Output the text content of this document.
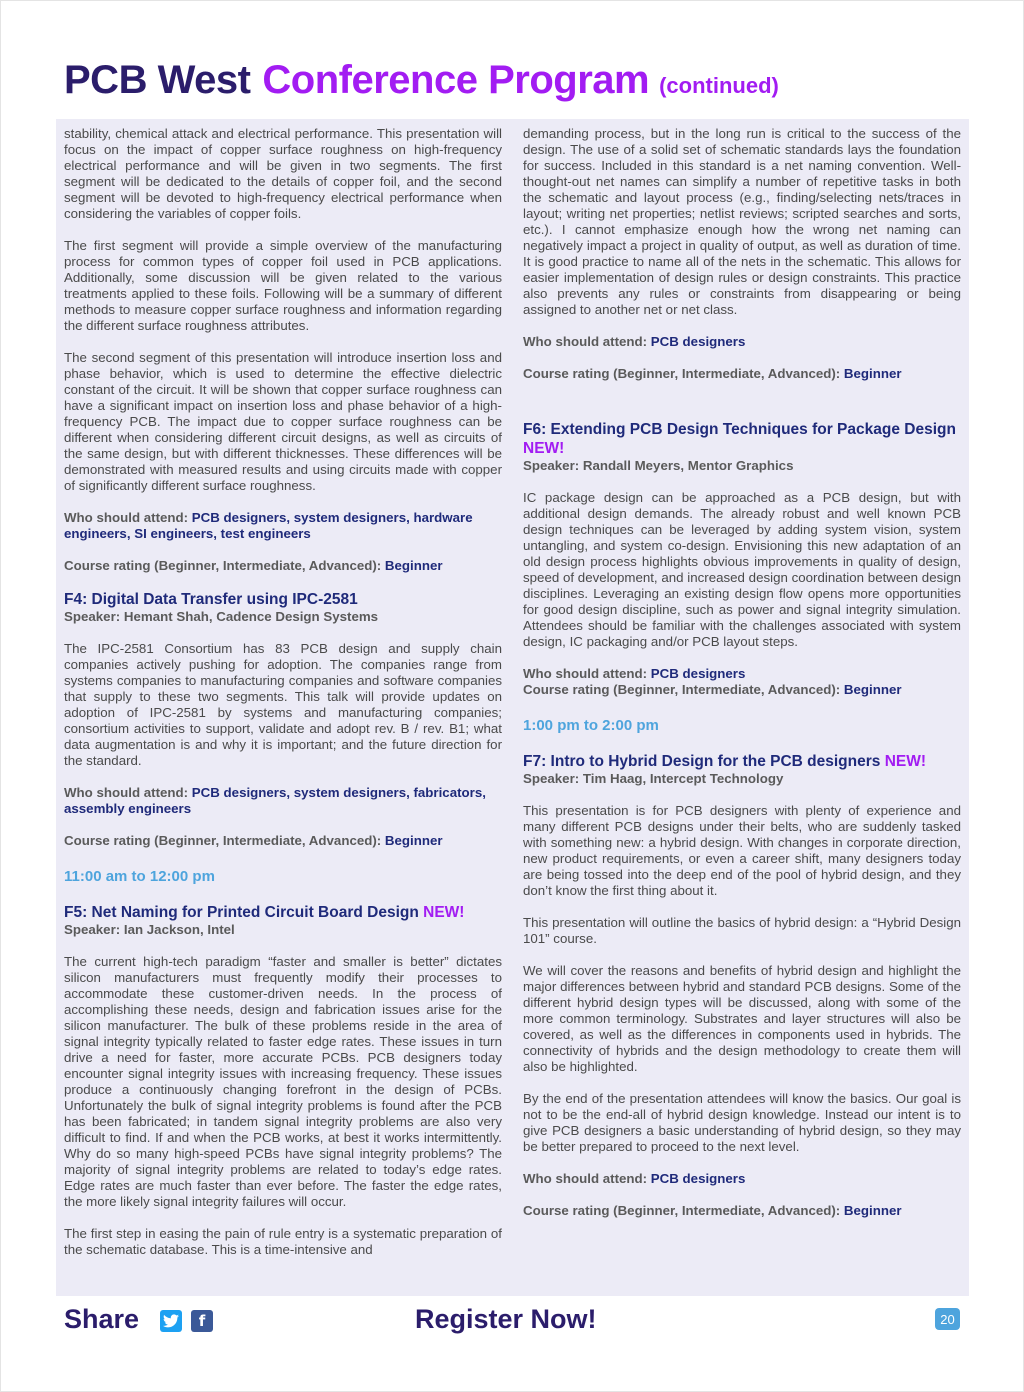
PCB West Conference Program (continued)

stability, chemical attack and electrical performance. This presentation will focus on the impact of copper surface roughness on high-frequency electrical performance and will be given in two segments. The first segment will be dedicated to the details of copper foil, and the second segment will be devoted to high-frequency electrical performance when considering the variables of copper foils.

The first segment will provide a simple overview of the manufacturing process for common types of copper foil used in PCB applications. Additionally, some discussion will be given related to the various treatments applied to these foils. Following will be a summary of different methods to measure copper surface roughness and information regarding the different surface roughness attributes.

The second segment of this presentation will introduce insertion loss and phase behavior, which is used to determine the effective dielectric constant of the circuit. It will be shown that copper surface roughness can have a significant impact on insertion loss and phase behavior of a high-frequency PCB. The impact due to copper surface roughness can be different when considering different circuit designs, as well as circuits of the same design, but with different thicknesses. These differences will be demonstrated with measured results and using circuits made with copper of significantly different surface roughness.

Who should attend: PCB designers, system designers, hardware engineers, SI engineers, test engineers

Course rating (Beginner, Intermediate, Advanced): Beginner

F4: Digital Data Transfer using IPC-2581

Speaker: Hemant Shah, Cadence Design Systems

The IPC-2581 Consortium has 83 PCB design and supply chain companies actively pushing for adoption. The companies range from systems companies to manufacturing companies and software companies that supply to these two segments. This talk will provide updates on adoption of IPC-2581 by systems and manufacturing companies; consortium activities to support, validate and adopt rev. B / rev. B1; what data augmentation is and why it is important; and the future direction for the standard.

Who should attend: PCB designers, system designers, fabricators, assembly engineers

Course rating (Beginner, Intermediate, Advanced): Beginner

11:00 am to 12:00 pm
F5: Net Naming for Printed Circuit Board Design NEW!

Speaker: Ian Jackson, Intel

The current high-tech paradigm “faster and smaller is better” dictates silicon manufacturers must frequently modify their processes to accommodate these customer-driven needs. In the process of accomplishing these needs, design and fabrication issues arise for the silicon manufacturer. The bulk of these problems reside in the area of signal integrity typically related to faster edge rates. These issues in turn drive a need for faster, more accurate PCBs. PCB designers today encounter signal integrity issues with increasing frequency. These issues produce a continuously changing forefront in the design of PCBs. Unfortunately the bulk of signal integrity problems is found after the PCB has been fabricated; in tandem signal integrity problems are also very difficult to find. If and when the PCB works, at best it works intermittently. Why do so many high-speed PCBs have signal integrity problems? The majority of signal integrity problems are related to today’s edge rates. Edge rates are much faster than ever before. The faster the edge rates, the more likely signal integrity failures will occur.

The first step in easing the pain of rule entry is a systematic preparation of the schematic database. This is a time-intensive and

demanding process, but in the long run is critical to the success of the design. The use of a solid set of schematic standards lays the foundation for success. Included in this standard is a net naming convention. Well-thought-out net names can simplify a number of repetitive tasks in both the schematic and layout process (e.g., finding/selecting nets/traces in layout; writing net properties; netlist reviews; scripted searches and sorts, etc.). I cannot emphasize enough how the wrong net naming can negatively impact a project in quality of output, as well as duration of time. It is good practice to name all of the nets in the schematic. This allows for easier implementation of design rules or design constraints. This practice also prevents any rules or constraints from disappearing or being assigned to another net or net class.

Who should attend: PCB designers

Course rating (Beginner, Intermediate, Advanced): Beginner

F6: Extending PCB Design Techniques for Package Design NEW!

Speaker: Randall Meyers, Mentor Graphics

IC package design can be approached as a PCB design, but with additional design demands. The already robust and well known PCB design techniques can be leveraged by adding system vision, system untangling, and system co-design. Envisioning this new adaptation of an old design process highlights obvious improvements in quality of design, speed of development, and increased design coordination between design disciplines. Leveraging an existing design flow opens more opportunities for good design discipline, such as power and signal integrity simulation. Attendees should be familiar with the challenges associated with system design, IC packaging and/or PCB layout steps.

Who should attend: PCB designers

Course rating (Beginner, Intermediate, Advanced): Beginner

1:00 pm to 2:00 pm
F7: Intro to Hybrid Design for the PCB designers NEW!

Speaker: Tim Haag, Intercept Technology

This presentation is for PCB designers with plenty of experience and many different PCB designs under their belts, who are suddenly tasked with something new: a hybrid design. With changes in corporate direction, new product requirements, or even a career shift, many designers today are being tossed into the deep end of the pool of hybrid design, and they don’t know the first thing about it.

This presentation will outline the basics of hybrid design: a “Hybrid Design 101” course.

We will cover the reasons and benefits of hybrid design and highlight the major differences between hybrid and standard PCB designs. Some of the different hybrid design types will be discussed, along with some of the more common terminology. Substrates and layer structures will also be covered, as well as the differences in components used in hybrids. The connectivity of hybrids and the design methodology to create them will also be highlighted.

By the end of the presentation attendees will know the basics. Our goal is not to be the end-all of hybrid design knowledge. Instead our intent is to give PCB designers a basic understanding of hybrid design, so they may be better prepared to proceed to the next level.

Who should attend: PCB designers

Course rating (Beginner, Intermediate, Advanced): Beginner

Share	f	Register Now!	20
